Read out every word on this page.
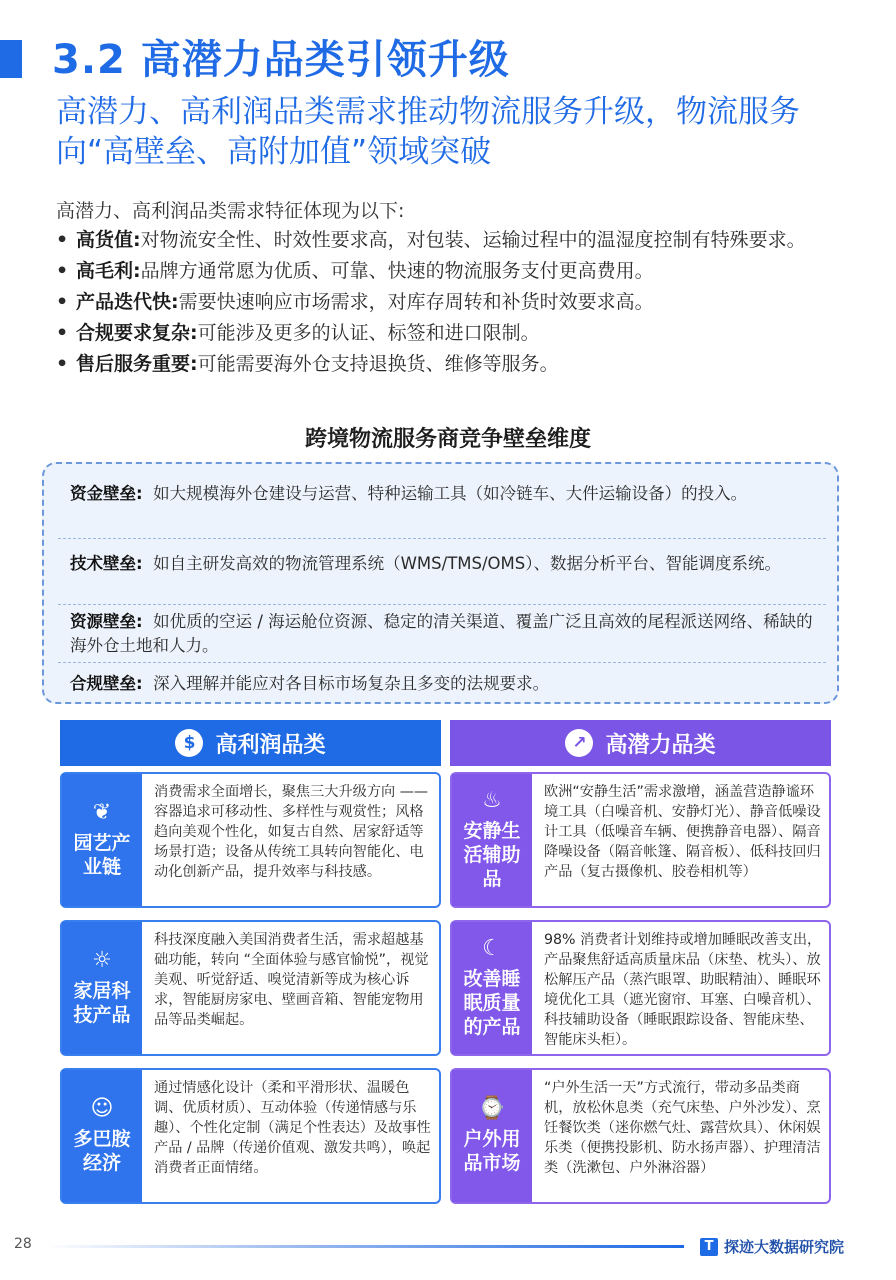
3.2 高潜力品类引领升级
高潜力、高利润品类需求推动物流服务升级，物流服务向“高壁垒、高附加值”领域突破
高潜力、高利润品类需求特征体现为以下:
• 高货值:对物流安全性、时效性要求高，对包装、运输过程中的温湿度控制有特殊要求。
• 高毛利:品牌方通常愿为优质、可靠、快速的物流服务支付更高费用。
• 产品迭代快:需要快速响应市场需求，对库存周转和补货时效要求高。
• 合规要求复杂:可能涉及更多的认证、标签和进口限制。
• 售后服务重要:可能需要海外仓支持退换货、维修等服务。
跨境物流服务商竞争壁垒维度
资金壁垒: 如大规模海外仓建设与运营、特种运输工具（如冷链车、大件运输设备）的投入。
技术壁垒: 如自主研发高效的物流管理系统（WMS/TMS/OMS）、数据分析平台、智能调度系统。
资源壁垒: 如优质的空运 / 海运舱位资源、稳定的清关渠道、覆盖广泛且高效的尾程派送网络、稀缺的海外仓土地和人力。
合规壁垒: 深入理解并能应对各目标市场复杂且多变的法规要求。
$ 高利润品类	↗ 高潜力品类
❦
园艺产业链
消费需求全面增长，聚焦三大升级方向 —— 容器追求可移动性、多样性与观赏性；风格趋向美观个性化，如复古自然、居家舒适等场景打造；设备从传统工具转向智能化、电动化创新产品，提升效率与科技感。
☼
家居科技产品
科技深度融入美国消费者生活，需求超越基础功能，转向 “全面体验与感官愉悦”，视觉美观、听觉舒适、嗅觉清新等成为核心诉求，智能厨房家电、壁画音箱、智能宠物用品等品类崛起。
☺
多巴胺经济
通过情感化设计（柔和平滑形状、温暖色调、优质材质）、互动体验（传递情感与乐趣）、个性化定制（满足个性表达）及故事性产品 / 品牌（传递价值观、激发共鸣），唤起消费者正面情绪。
♨
安静生活辅助品
欧洲“安静生活”需求激增，涵盖营造静谧环境工具（白噪音机、安静灯光）、静音低噪设计工具（低噪音车辆、便携静音电器）、隔音降噪设备（隔音帐篷、隔音板）、低科技回归产品（复古摄像机、胶卷相机等）
☾
改善睡眠质量的产品
98% 消费者计划维持或增加睡眠改善支出，产品聚焦舒适高质量床品（床垫、枕头）、放松解压产品（蒸汽眼罩、助眠精油）、睡眠环境优化工具（遮光窗帘、耳塞、白噪音机）、科技辅助设备（睡眠跟踪设备、智能床垫、智能床头柜）。
⌚
户外用品市场
“户外生活一天”方式流行，带动多品类商机，放松休息类（充气床垫、户外沙发）、烹饪餐饮类（迷你燃气灶、露营炊具）、休闲娱乐类（便携投影机、防水扬声器）、护理清洁类（洗漱包、户外淋浴器）
28	T 探迹大数据研究院
